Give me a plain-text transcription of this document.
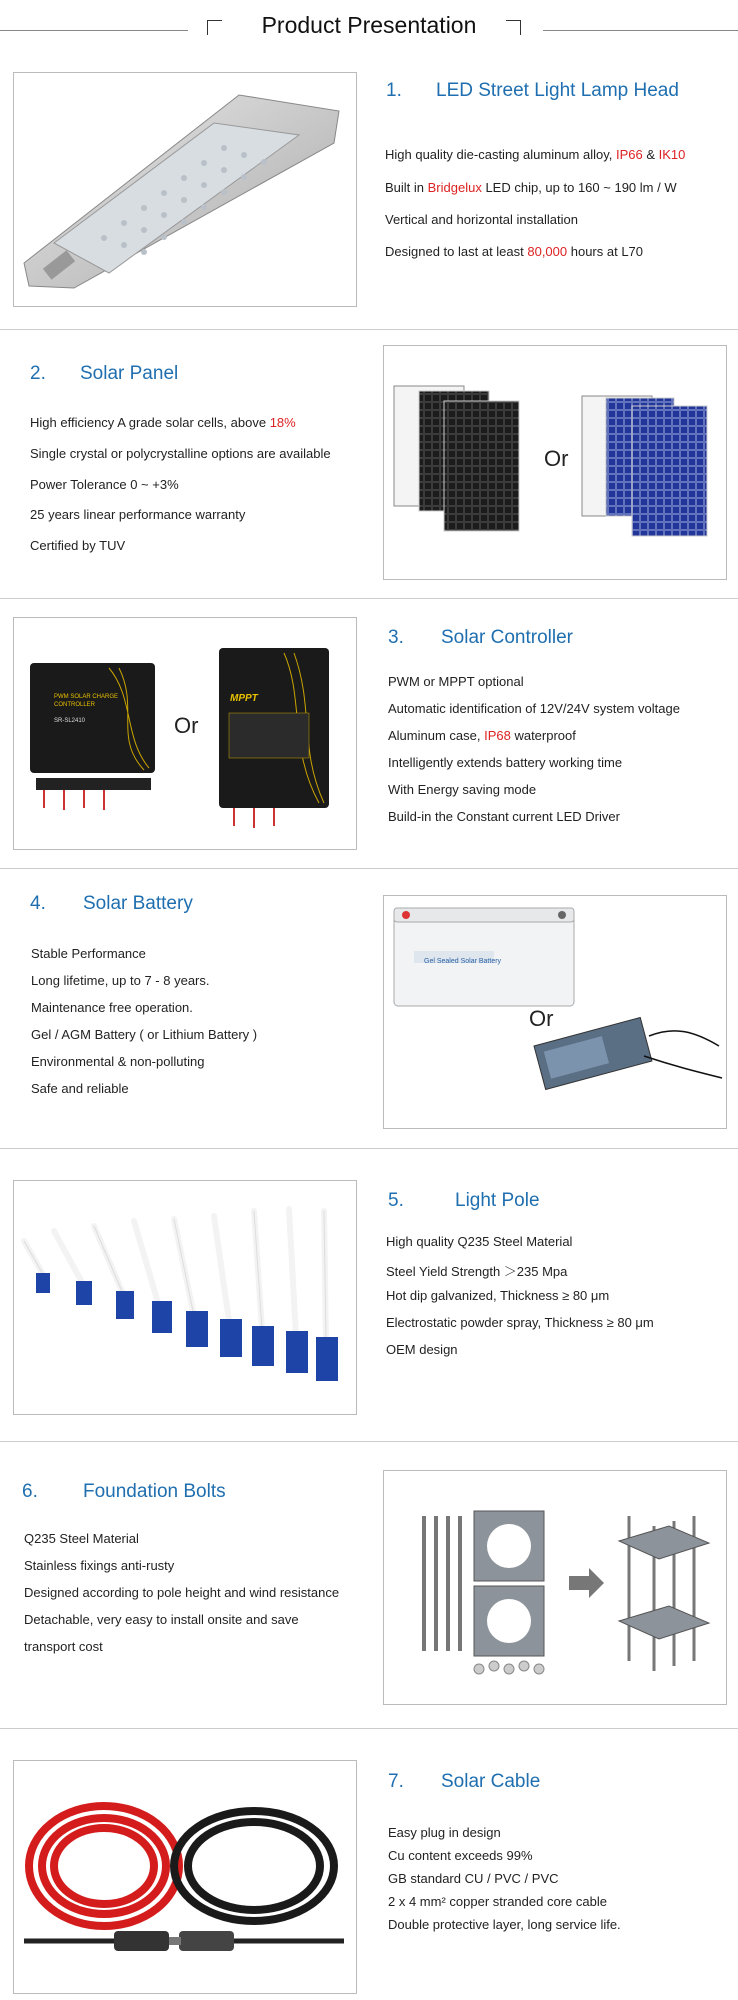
Product Presentation
1. LED Street Light Lamp Head
High quality die-casting aluminum alloy, IP66 & IK10
Built in Bridgelux LED chip, up to 160 ~ 190 lm / W
Vertical and horizontal installation
Designed to last at least 80,000 hours at L70
2. Solar Panel
High efficiency A grade solar cells, above 18%
Single crystal or polycrystalline options are available
Power Tolerance 0 ~ +3%
25 years linear performance warranty
Certified by TUV
Or
PWM SOLAR CHARGE CONTROLLER
SR-SL2410
MPPT
Or
3. Solar Controller
PWM or MPPT optional
Automatic identification of 12V/24V system voltage
Aluminum case, IP68 waterproof
Intelligently extends battery working time
With Energy saving mode
Build-in the Constant current LED Driver
4. Solar Battery
Stable Performance
Long lifetime, up to 7 - 8 years.
Maintenance free operation.
Gel / AGM Battery ( or Lithium Battery )
Environmental & non-polluting
Safe and reliable
Gel Sealed Solar Battery
Or
5.	Light Pole
High quality Q235 Steel Material
Steel Yield Strength ＞235 Mpa
Hot dip galvanized, Thickness ≥ 80 μm
Electrostatic powder spray, Thickness ≥ 80 μm
OEM design
6. Foundation Bolts
Q235 Steel Material
Stainless fixings anti-rusty
Designed according to pole height and wind resistance
Detachable, very easy to install onsite and save
transport cost
7. Solar Cable
Easy plug in design
Cu content exceeds 99%
GB standard CU / PVC / PVC
2 x 4 mm² copper stranded core cable
Double protective layer, long service life.
